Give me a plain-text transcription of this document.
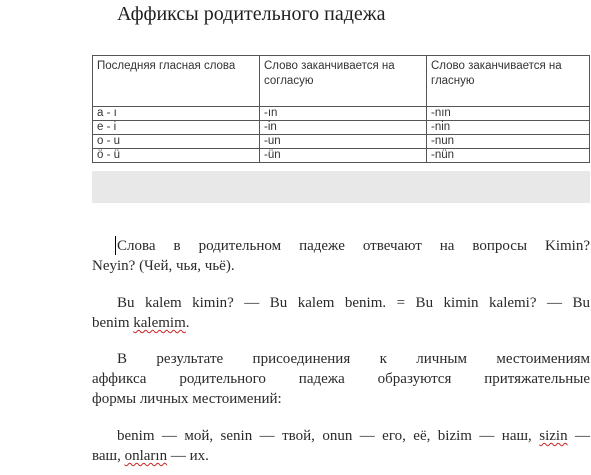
Аффиксы родительного падежа
Последняя гласная слова	Слово заканчивается на согласую	Слово заканчивается на гласную
a - ı	-ın	-nın
e - i	-in	-nin
o - u	-un	-nun
ö - ü	-ün	-nün
Слова в родительном падеже отвечают на вопросы Kimin?
Neyin? (Чей, чья, чьё).
Bu kalem kimin? — Bu kalem benim. = Bu kimin kalemi? — Bu
benim kalemim.
В результате присоединения к личным местоимениям
аффикса родительного падежа образуются притяжательные
формы личных местоимений:
benim — мой, senin — твой, onun — его, её, bizim — наш, sizin —
ваш, onların — их.
